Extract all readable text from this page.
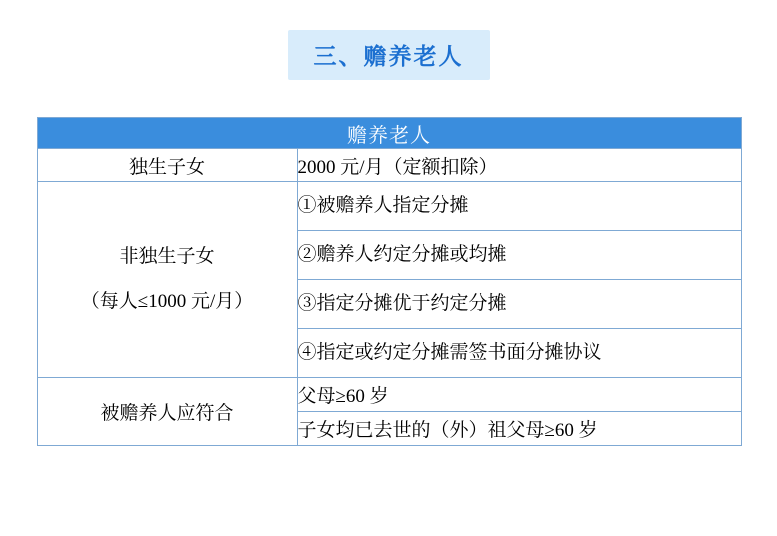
三、赡养老人
赡养老人	
独生子女	2000 元/月（定额扣除）

非独生子女
（每人≤1000 元/月）	①被赡养人指定分摊
	②赡养人约定分摊或均摊
	③指定分摊优于约定分摊
	④指定或约定分摊需签书面分摊协议
被赡养人应符合	父母≥60 岁
	子女均已去世的（外）祖父母≥60 岁
